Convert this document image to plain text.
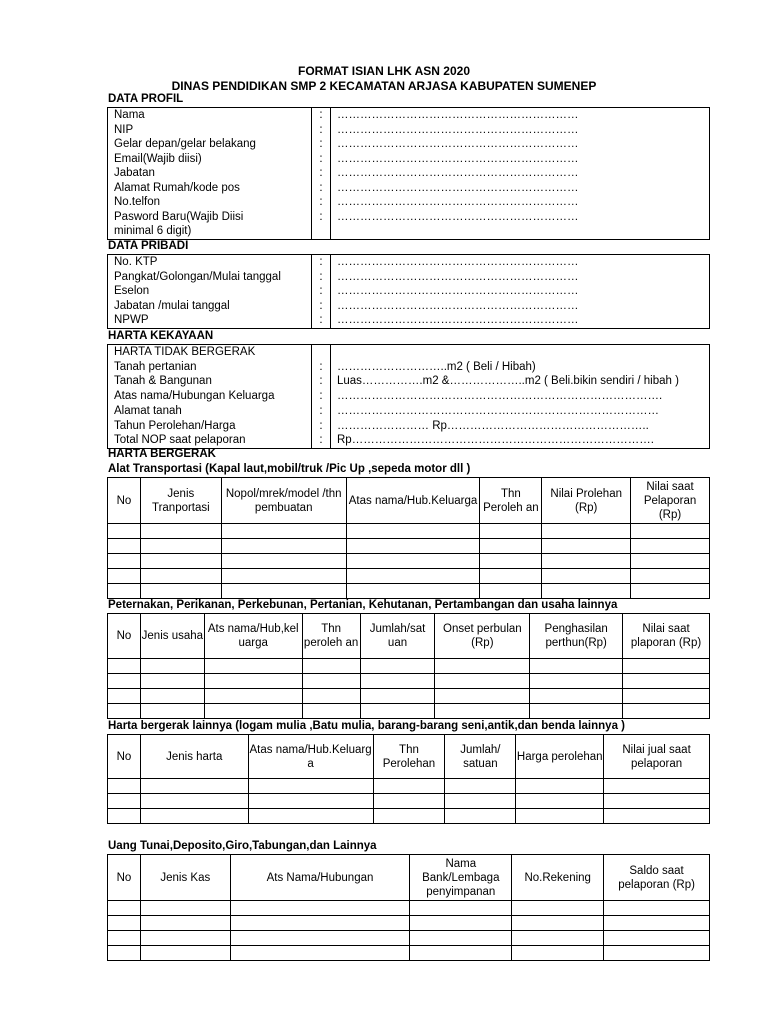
FORMAT ISIAN LHK ASN 2020
DINAS PENDIDIKAN SMP 2 KECAMATAN ARJASA KABUPATEN SUMENEP
DATA PROFIL
Nama	:	………………………………………………………
NIP	:	………………………………………………………
Gelar depan/gelar belakang	:	………………………………………………………
Email(Wajib diisi)	:	………………………………………………………
Jabatan	:	………………………………………………………
Alamat Rumah/kode pos	:	………………………………………………………
No.telfon	:	………………………………………………………
Pasword Baru(Wajib Diisi	:	………………………………………………………
minimal 6 digit)		
DATA PRIBADI
No. KTP	:	………………………………………………………
Pangkat/Golongan/Mulai tanggal	:	………………………………………………………
Eselon	:	………………………………………………………
Jabatan /mulai tanggal	:	………………………………………………………
NPWP	:	………………………………………………………
HARTA KEKAYAAN
HARTA TIDAK BERGERAK		
Tanah pertanian	:	………………………..m2 ( Beli / Hibah)
Tanah & Bangunan	:	Luas…………….m2 &………………..m2 ( Beli.bikin sendiri / hibah )
Atas nama/Hubungan Keluarga	:	………………………………………………………………………….
Alamat tanah	:	…………………………………………………………………………
Tahun Perolehan/Harga	:	…………………… Rp……………………………………………..
Total NOP saat pelaporan	:	Rp…………………………………………………………………….
HARTA BERGERAK
Alat Transportasi (Kapal laut,mobil/truk /Pic Up ,sepeda motor dll )
No	Jenis Tranportasi	Nopol/mrek/model /thn pembuatan	Atas nama/Hub.Keluarga	Thn Peroleh an	Nilai Prolehan (Rp)	Nilai saat Pelaporan (Rp)

Peternakan, Perikanan, Perkebunan, Pertanian, Kehutanan, Pertambangan dan usaha lainnya
No	Jenis usaha	Ats nama/Hub,kel uarga	Thn peroleh an	Jumlah/sat uan	Onset perbulan (Rp)	Penghasilan perthun(Rp)	Nilai saat plaporan (Rp)

Harta bergerak lainnya (logam mulia ,Batu mulia, barang-barang seni,antik,dan benda lainnya )
No	Jenis harta	Atas nama/Hub.Keluarg a	Thn Perolehan	Jumlah/ satuan	Harga perolehan	Nilai jual saat pelaporan

Uang Tunai,Deposito,Giro,Tabungan,dan Lainnya
No	Jenis Kas	Ats Nama/Hubungan	Nama Bank/Lembaga penyimpanan	No.Rekening	Saldo saat pelaporan (Rp)
